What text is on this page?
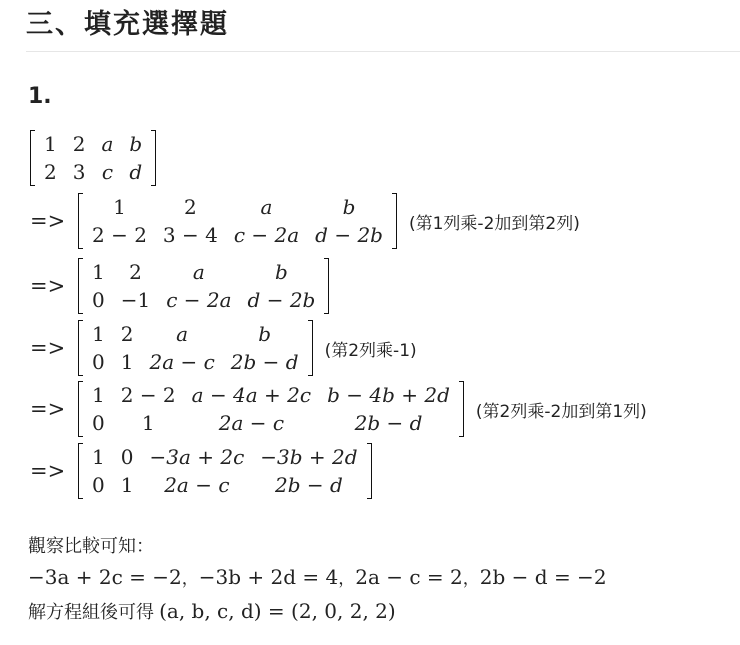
三、填充選擇題
1.
1
2
2
3
a
c
b
d
=>
1
2 − 2
2
3 − 4
a
c − 2a
b
d − 2b (第1列乘-2加到第2列)
=>
1
0
2
−1
a
c − 2a
b
d − 2b
=>
1
0
2
1
a
2a − c
b
2b − d (第2列乘-1)
=>
1
0
2 − 2
1
a − 4a + 2c
2a − c
b − 4b + 2d
2b − d	(第2列乘-2加到第1列)
=>
1
0
0
1
−3a + 2c
2a − c
−3b + 2d
2b − d
觀察比較可知：
−3a + 2c = −2，−3b + 2d = 4，2a − c = 2，2b − d = −2
解方程組後可得 (a, b, c, d) = (2, 0, 2, 2)
